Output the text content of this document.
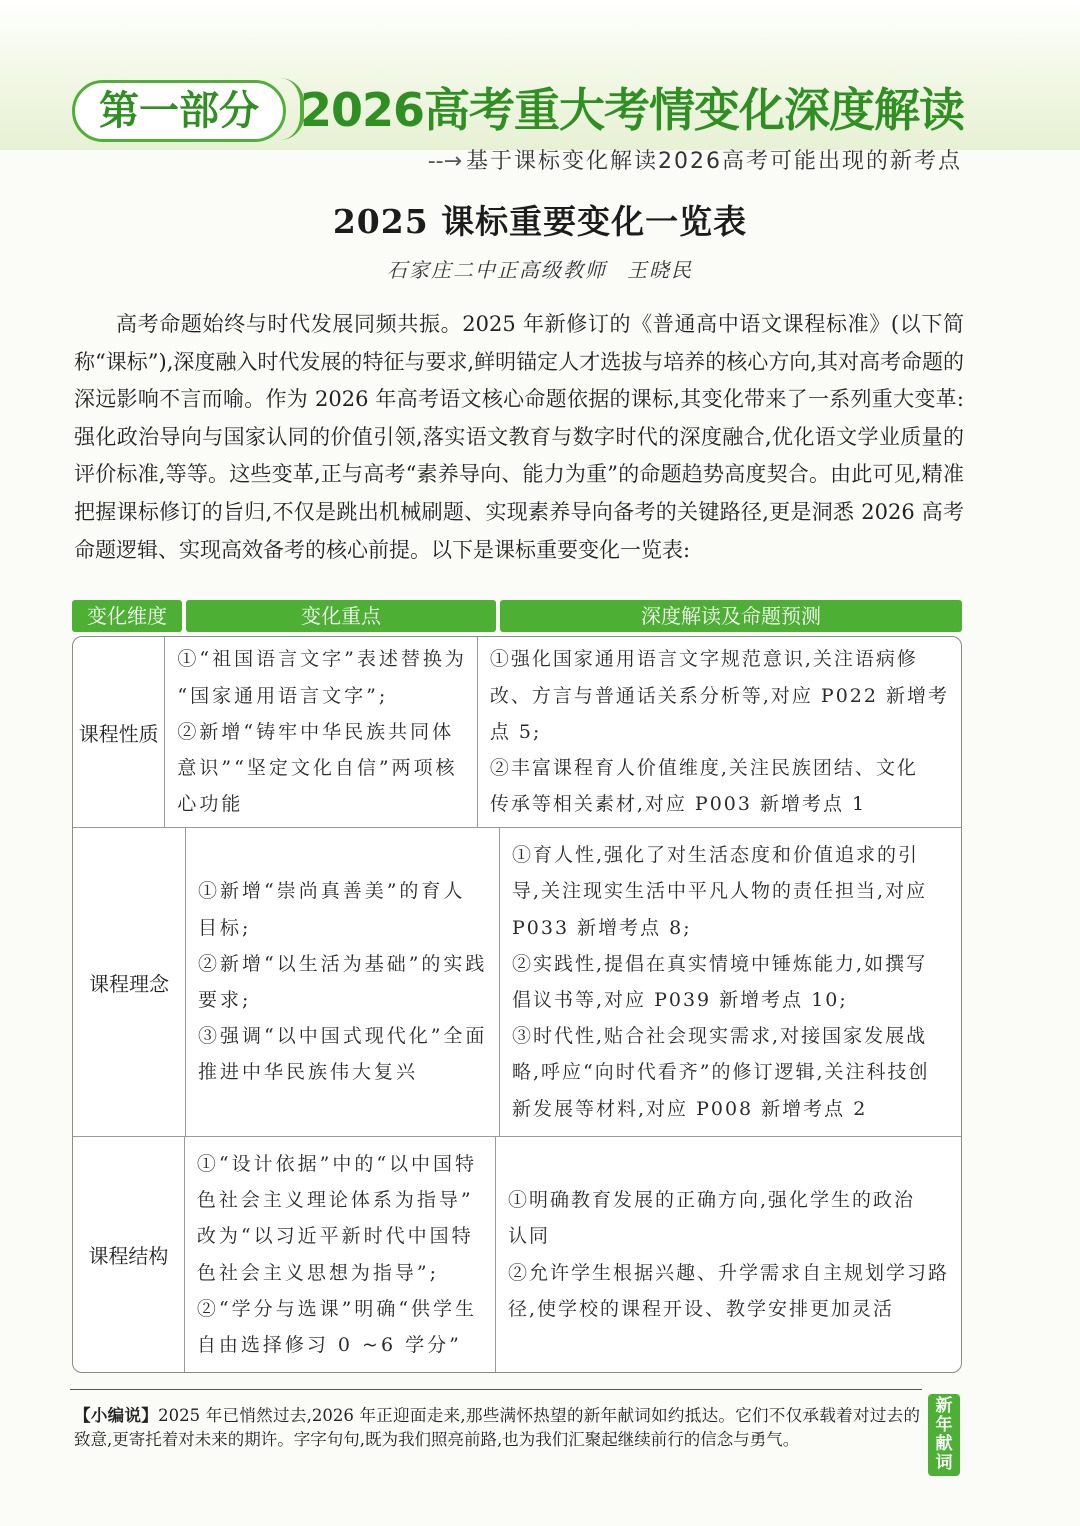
第一部分 2026高考重大考情变化深度解读
--→ 基于课标变化解读2026高考可能出现的新考点
2025 课标重要变化一览表
石家庄二中正高级教师 王晓民

高考命题始终与时代发展同频共振。2025 年新修订的《普通高中语文课程标准》(以下简称“课标”),深度融入时代发展的特征与要求,鲜明锚定人才选拔与培养的核心方向,其对高考命题的深远影响不言而喻。作为 2026 年高考语文核心命题依据的课标,其变化带来了一系列重大变革:强化政治导向与国家认同的价值引领,落实语文教育与数字时代的深度融合,优化语文学业质量的评价标准,等等。这些变革,正与高考“素养导向、能力为重”的命题趋势高度契合。由此可见,精准把握课标修订的旨归,不仅是跳出机械刷题、实现素养导向备考的关键路径,更是洞悉 2026 高考命题逻辑、实现高效备考的核心前提。以下是课标重要变化一览表:

变化维度	变化重点	深度解读及命题预测
课程性质
①“祖国语言文字”表述替换为
“国家通用语言文字”;
②新增“铸牢中华民族共同体
意识”“坚定文化自信”两项核
心功能
①强化国家通用语言文字规范意识,关注语病修
改、方言与普通话关系分析等,对应 P022 新增考
点 5;
②丰富课程育人价值维度,关注民族团结、文化
传承等相关素材,对应 P003 新增考点 1
课程理念
①新增“崇尚真善美”的育人
目标;
②新增“以生活为基础”的实践
要求;
③强调“以中国式现代化”全面
推进中华民族伟大复兴
①育人性,强化了对生活态度和价值追求的引
导,关注现实生活中平凡人物的责任担当,对应
P033 新增考点 8;
②实践性,提倡在真实情境中锤炼能力,如撰写
倡议书等,对应 P039 新增考点 10;
③时代性,贴合社会现实需求,对接国家发展战
略,呼应“向时代看齐”的修订逻辑,关注科技创
新发展等材料,对应 P008 新增考点 2
课程结构
①“设计依据”中的“以中国特
色社会主义理论体系为指导”
改为“以习近平新时代中国特
色社会主义思想为指导”;
②“学分与选课”明确“供学生
自由选择修习 0 ~6 学分”
①明确教育发展的正确方向,强化学生的政治
认同
②允许学生根据兴趣、升学需求自主规划学习路
径,使学校的课程开设、教学安排更加灵活

【小编说】2025 年已悄然过去,2026 年正迎面走来,那些满怀热望的新年献词如约抵达。它们不仅承载着对过去的致意,更寄托着对未来的期许。字字句句,既为我们照亮前路,也为我们汇聚起继续前行的信念与勇气。

新
年
献
词
